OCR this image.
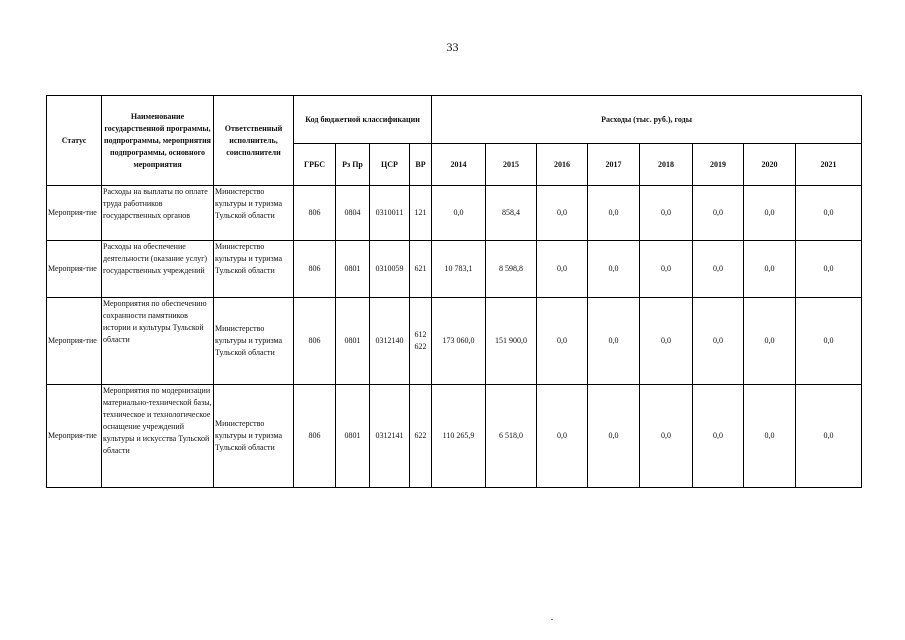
33
Статус	Наименование государственной программы, подпрограммы, мероприятия подпрограммы, основного мероприятия	Ответственный исполнитель, соисполнители	Код бюджетной классификации				Расходы (тыс. руб.), годы							
			ГРБС	Рз Пр	ЦСР	ВР	2014	2015	2016	2017	2018	2019	2020	2021
Мероприя-тие	Расходы на выплаты по оплате труда работников государственных органов	Министерство культуры и туризма Тульской области	806	0804	0310011	121	0,0	858,4	0,0	0,0	0,0	0,0	0,0	0,0
Мероприя-тие	Расходы на обеспечение деятельности (оказание услуг) государственных учреждений	Министерство культуры и туризма Тульской области	806	0801	0310059	621	10 783,1	8 598,8	0,0	0,0	0,0	0,0	0,0	0,0
Мероприя-тие	Мероприятия по обеспечению сохранности памятников истории и культуры Тульской области	Министерство культуры и туризма Тульской области	806	0801	0312140	612 622	173 060,0	151 900,0	0,0	0,0	0,0	0,0	0,0	0,0
Мероприя-тие	Мероприятия по модернизации материально-технической базы, техническое и технологическое оснащение учреждений культуры и искусства Тульской области	Министерство культуры и туризма Тульской области	806	0801	0312141	622	110 265,9	6 518,0	0,0	0,0	0,0	0,0	0,0	0,0
